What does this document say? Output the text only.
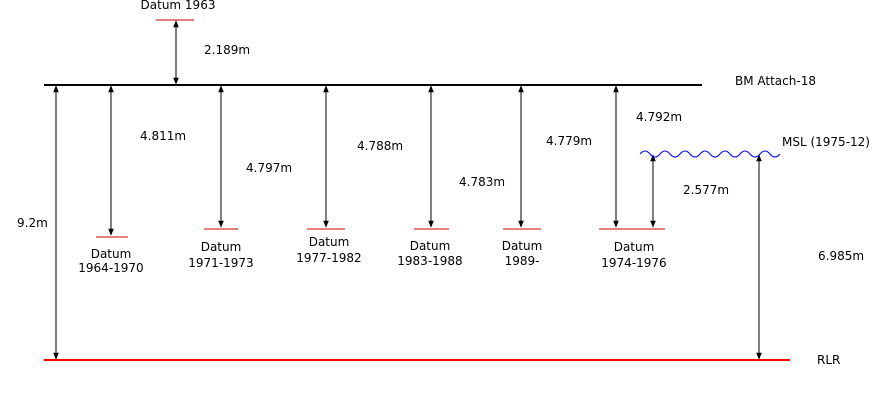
Datum 1963
2.189m
BM Attach-18
RLR
9.2m
4.811m
Datum
1964-1970
4.797m
Datum
1971-1973
4.788m
Datum
1977-1982
4.783m
Datum
1983-1988
4.779m
Datum
1989-
4.792m
Datum
1974-1976
2.577m
MSL (1975-12)
6.985m
